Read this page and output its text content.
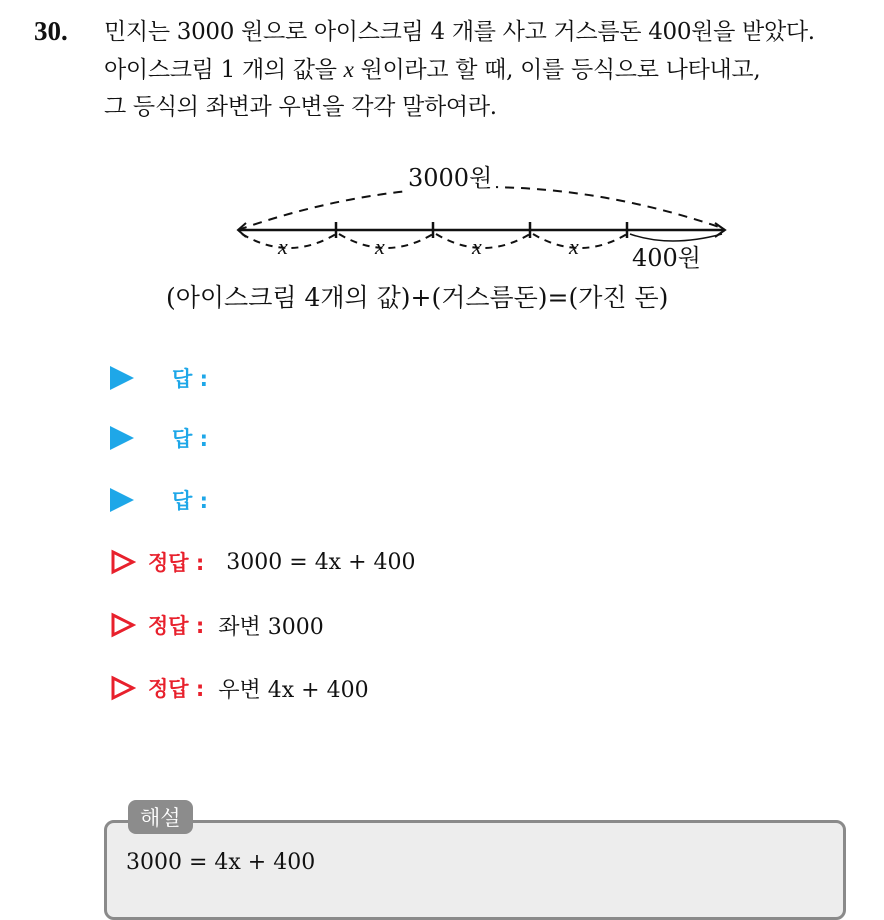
30. 민지는 3000 원으로 아이스크림 4 개를 사고 거스름돈 400원을 받았다.
아이스크림 1 개의 값을 x 원이라고 할 때, 이를 등식으로 나타내고,
그 등식의 좌변과 우변을 각각 말하여라.
3000원
x	x	x	x 400원
(아이스크림 4개의 값)+(거스름돈)=(가진 돈)
답 :
답 :
답 :
정답 : 3000 = 4x + 400
정답 : 좌변 3000
정답 : 우변 4x + 400
해설
3000 = 4x + 400
